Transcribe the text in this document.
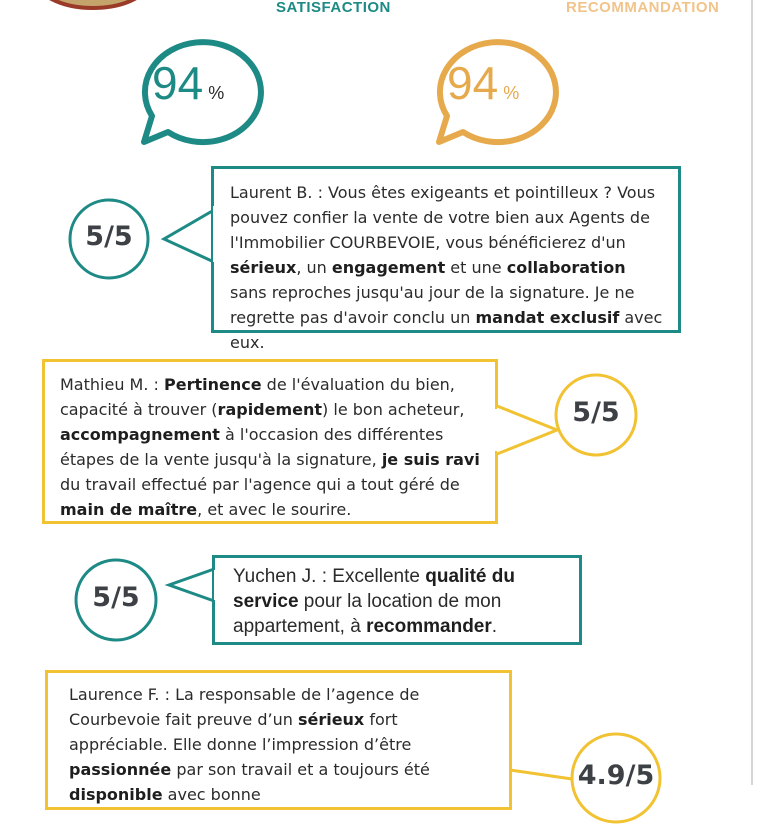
SATISFACTION	RECOMMANDATION
94 %	94 %
5/5

Laurent B. : Vous êtes exigeants et pointilleux ? Vous pouvez confier la vente de votre bien aux Agents de l'Immobilier COURBEVOIE, vous bénéficierez d'un sérieux, un engagement et une collaboration sans reproches jusqu'au jour de la signature. Je ne regrette pas d'avoir conclu un mandat exclusif avec eux.

Mathieu M. : Pertinence de l'évaluation du bien, capacité à trouver (rapidement) le bon acheteur, accompagnement à l'occasion des différentes étapes de la vente jusqu'à la signature, je suis ravi du travail effectué par l'agence qui a tout géré de main de maître, et avec le sourire.

5/5
5/5

Yuchen J. : Excellente qualité du service pour la location de mon appartement, à recommander.

Laurence F. : La responsable de l’agence de Courbevoie fait preuve d’un sérieux fort appréciable. Elle donne l’impression d’être passionnée par son travail et a toujours été disponible avec bonne

4.9/5
